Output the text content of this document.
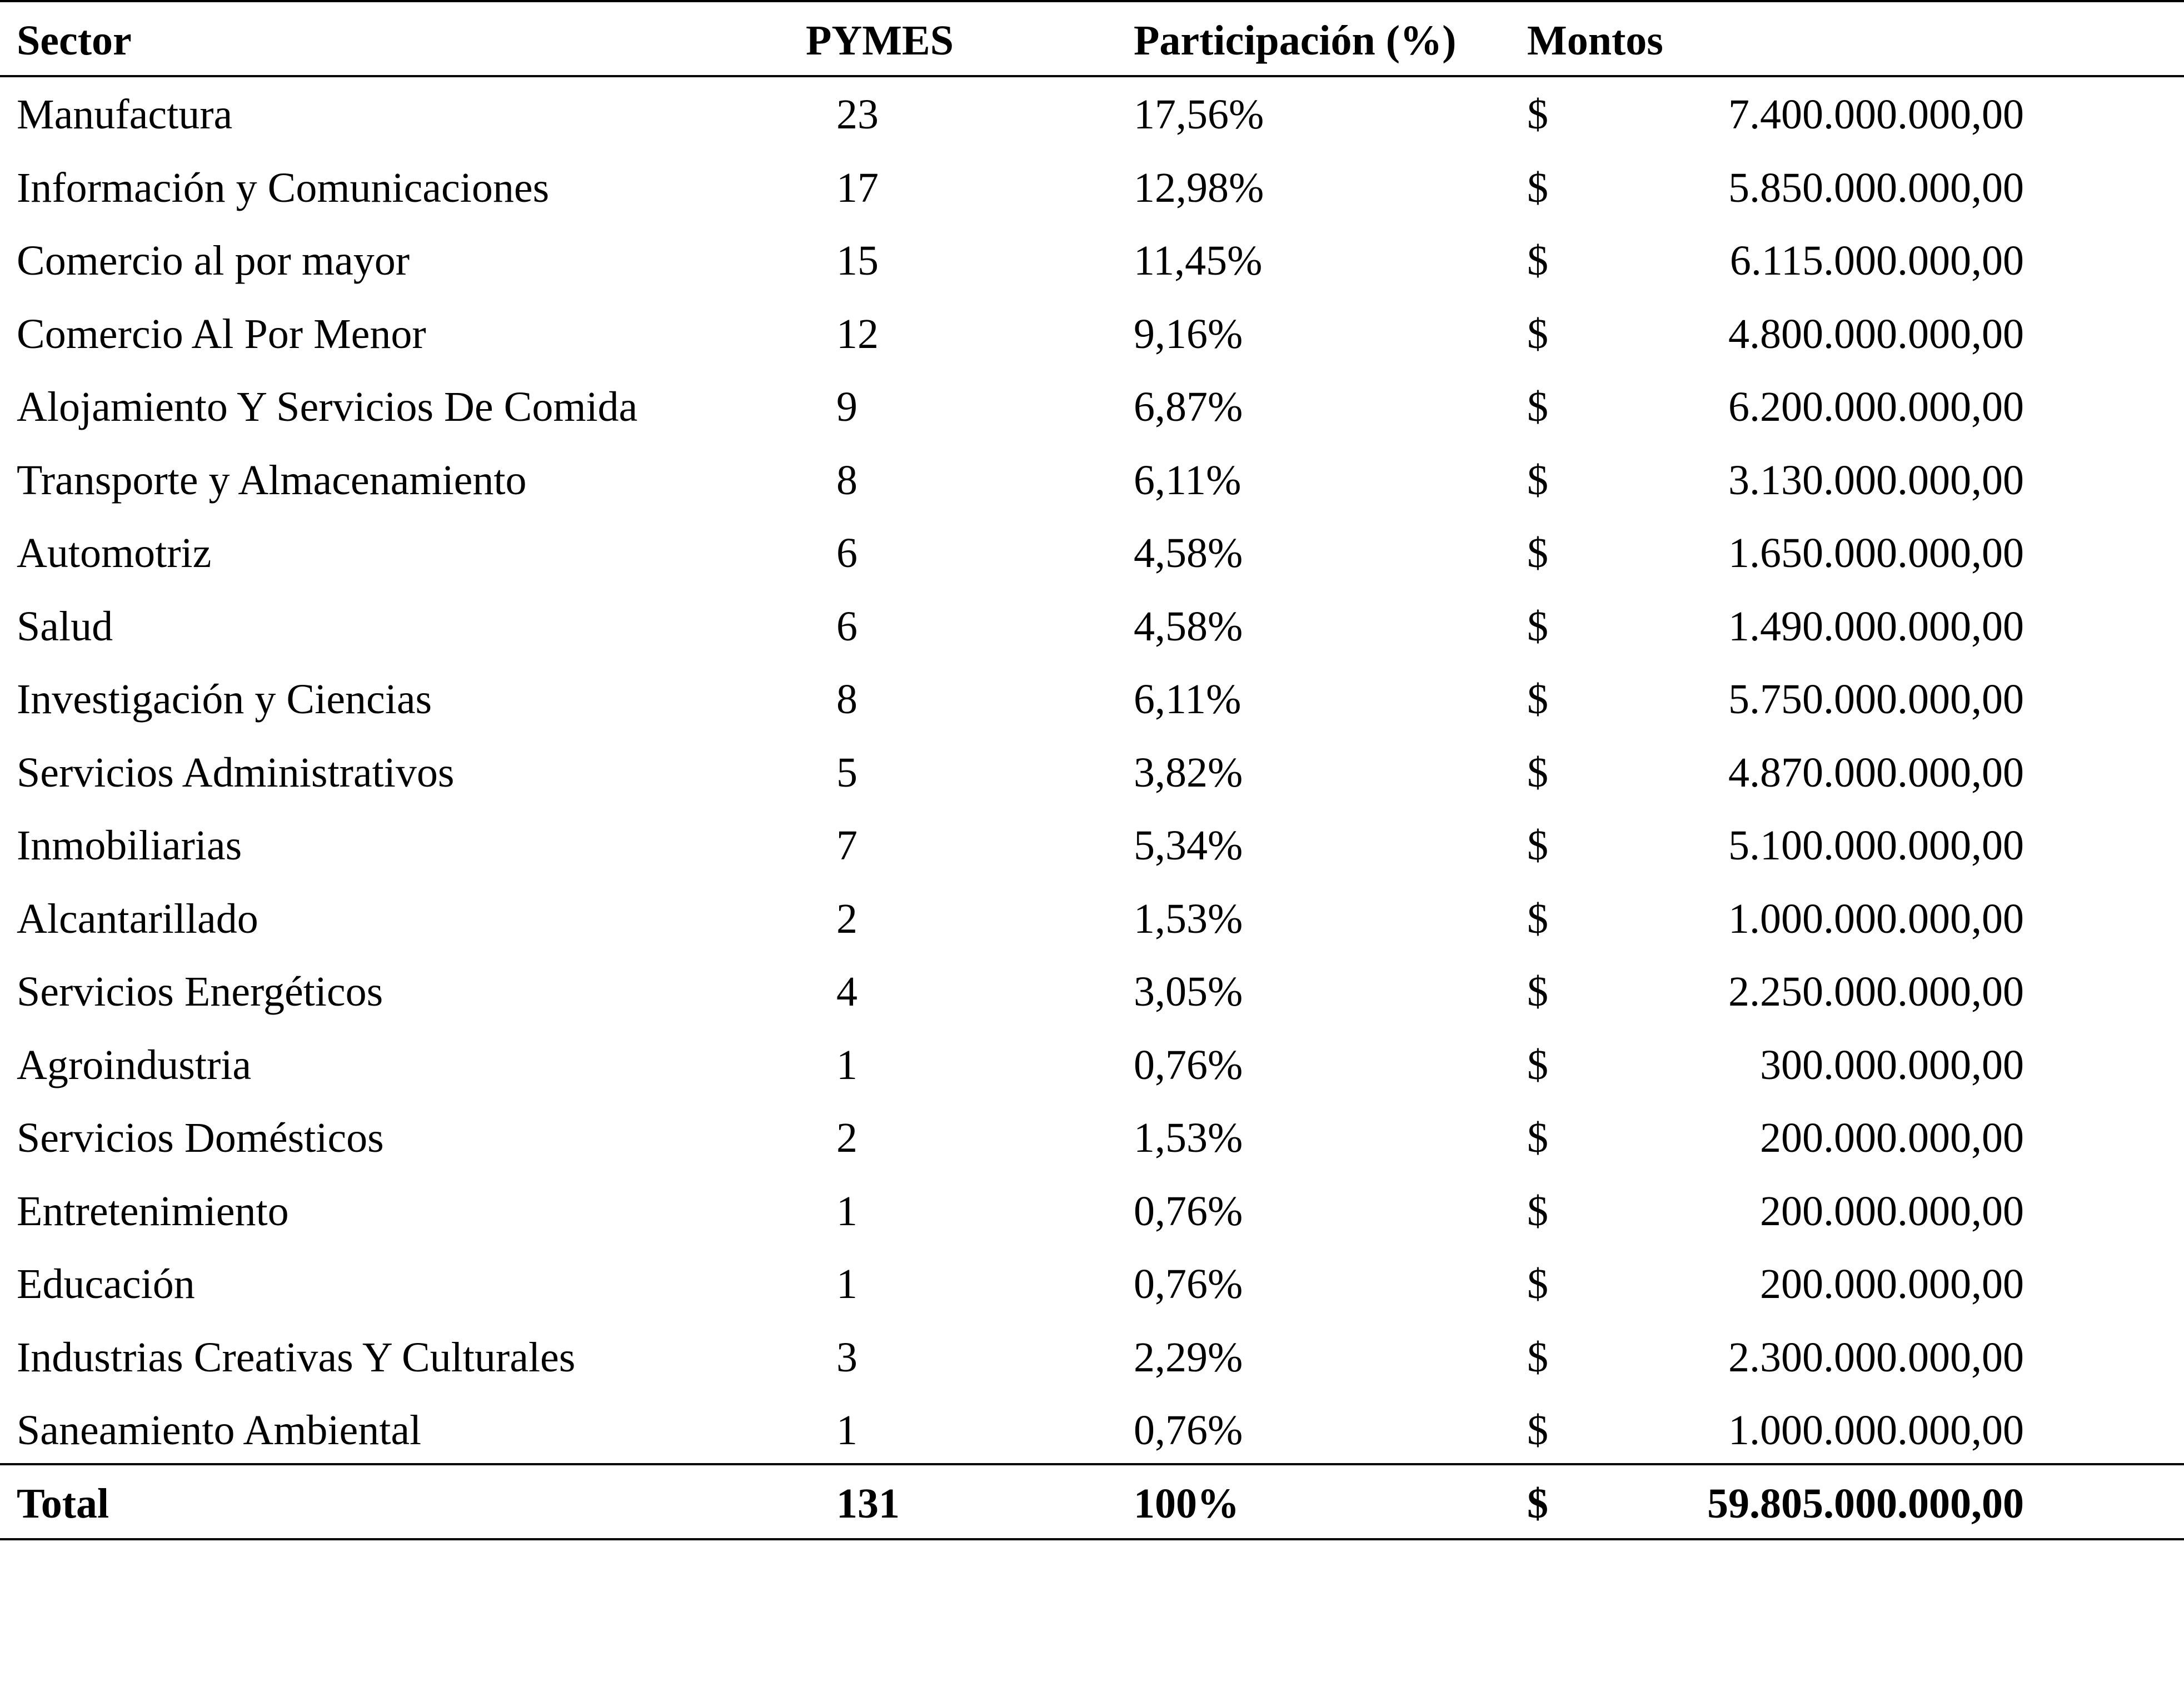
Sector	PYMES	Participación (%) Montos
Manufactura	23	17,56%	$	7.400.000.000,00
Información y Comunicaciones	17	12,98%	$	5.850.000.000,00
Comercio al por mayor	15	11,45%	$	6.115.000.000,00
Comercio Al Por Menor	12	9,16%	$	4.800.000.000,00
Alojamiento Y Servicios De Comida	9	6,87%	$	6.200.000.000,00
Transporte y Almacenamiento	8	6,11%	$	3.130.000.000,00
Automotriz	6	4,58%	$	1.650.000.000,00
Salud	6	4,58%	$	1.490.000.000,00
Investigación y Ciencias	8	6,11%	$	5.750.000.000,00
Servicios Administrativos	5	3,82%	$	4.870.000.000,00
Inmobiliarias	7	5,34%	$	5.100.000.000,00
Alcantarillado	2	1,53%	$	1.000.000.000,00
Servicios Energéticos	4	3,05%	$	2.250.000.000,00
Agroindustria	1	0,76%	$	300.000.000,00
Servicios Domésticos	2	1,53%	$	200.000.000,00
Entretenimiento	1	0,76%	$	200.000.000,00
Educación	1	0,76%	$	200.000.000,00
Industrias Creativas Y Culturales	3	2,29%	$	2.300.000.000,00
Saneamiento Ambiental	1	0,76%	$	1.000.000.000,00
Total	131	100%	$	59.805.000.000,00
